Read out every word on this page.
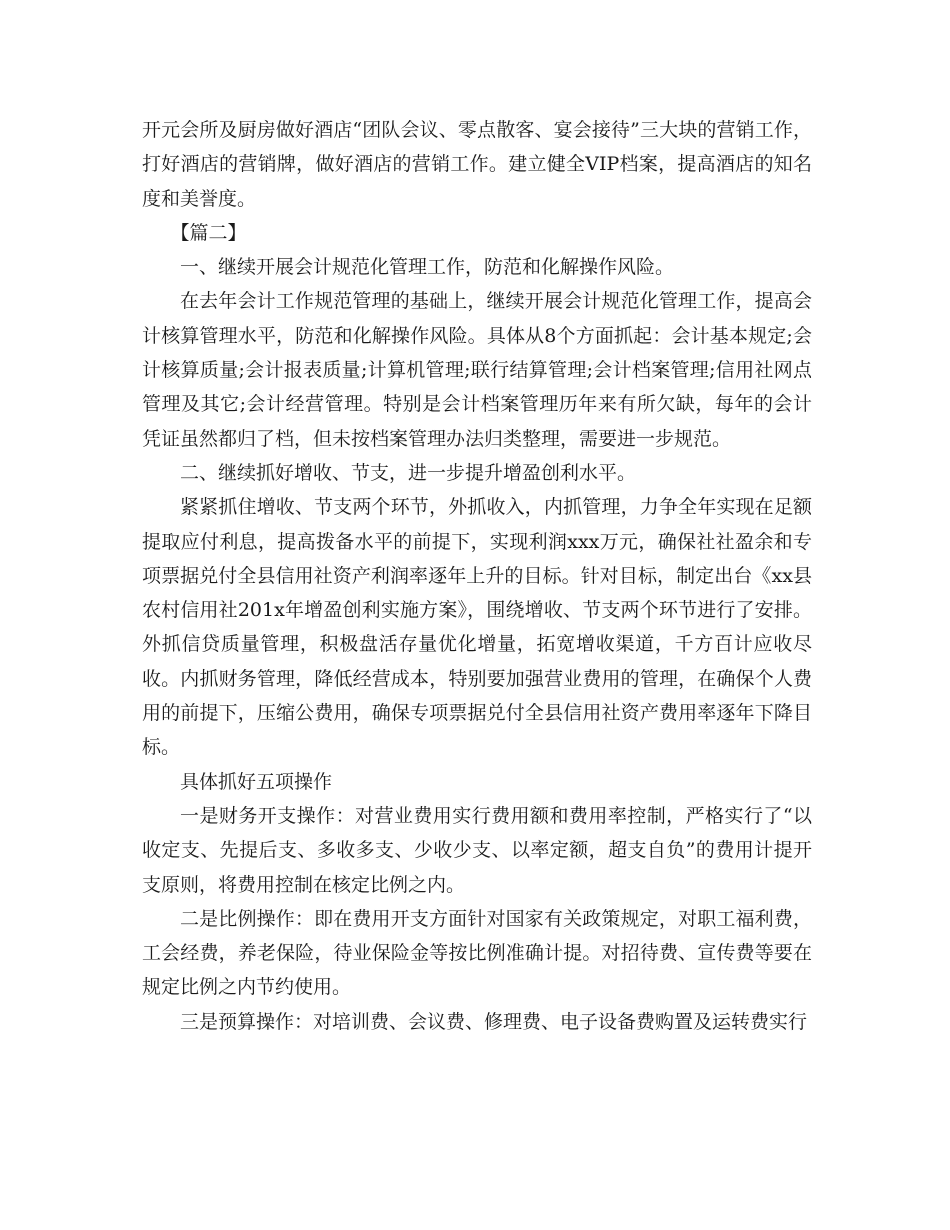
开元会所及厨房做好酒店“团队会议、零点散客、宴会接待”三大块的营销工作，打好酒店的营销牌，做好酒店的营销工作。建立健全VIP档案，提高酒店的知名度和美誉度。

【篇二】

一、继续开展会计规范化管理工作，防范和化解操作风险。

在去年会计工作规范管理的基础上，继续开展会计规范化管理工作，提高会计核算管理水平，防范和化解操作风险。具体从8个方面抓起：会计基本规定;会计核算质量;会计报表质量;计算机管理;联行结算管理;会计档案管理;信用社网点管理及其它;会计经营管理。特别是会计档案管理历年来有所欠缺，每年的会计凭证虽然都归了档，但未按档案管理办法归类整理，需要进一步规范。

二、继续抓好增收、节支，进一步提升增盈创利水平。

紧紧抓住增收、节支两个环节，外抓收入，内抓管理，力争全年实现在足额提取应付利息，提高拨备水平的前提下，实现利润xxx万元，确保社社盈余和专项票据兑付全县信用社资产利润率逐年上升的目标。针对目标，制定出台《xx县农村信用社201x年增盈创利实施方案》，围绕增收、节支两个环节进行了安排。外抓信贷质量管理，积极盘活存量优化增量，拓宽增收渠道，千方百计应收尽收。内抓财务管理，降低经营成本，特别要加强营业费用的管理，在确保个人费用的前提下，压缩公费用，确保专项票据兑付全县信用社资产费用率逐年下降目标。

具体抓好五项操作

一是财务开支操作：对营业费用实行费用额和费用率控制，严格实行了“以收定支、先提后支、多收多支、少收少支、以率定额，超支自负”的费用计提开支原则，将费用控制在核定比例之内。

二是比例操作：即在费用开支方面针对国家有关政策规定，对职工福利费，工会经费，养老保险，待业保险金等按比例准确计提。对招待费、宣传费等要在规定比例之内节约使用。

三是预算操作：对培训费、会议费、修理费、电子设备费购置及运转费实行
